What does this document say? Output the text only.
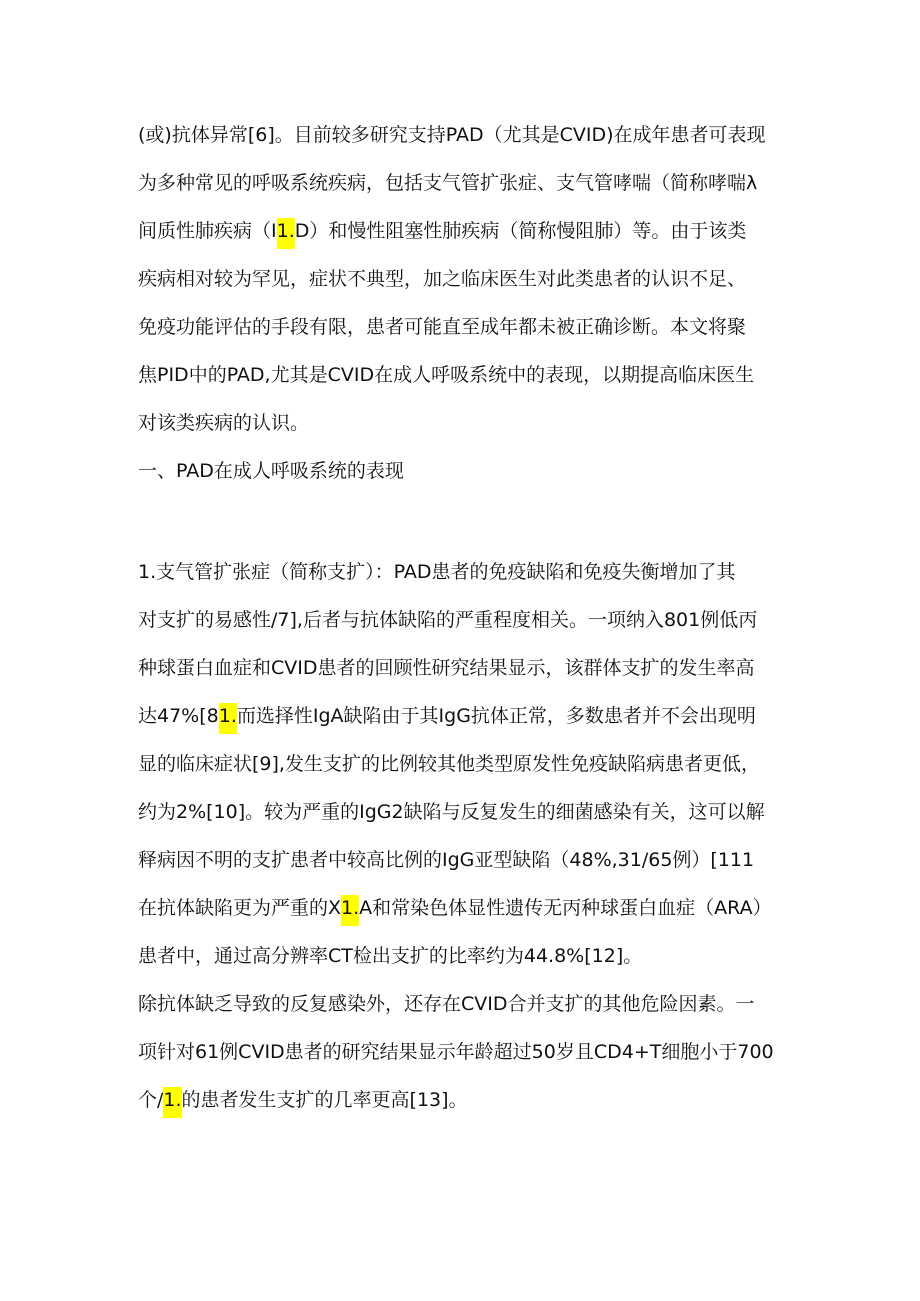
(或)抗体异常[6]。目前较多研究支持PAD（尤其是CVID)在成年患者可表现
为多种常见的呼吸系统疾病，包括支气管扩张症、支气管哮喘（简称哮喘λ
间质性肺疾病（I1.D）和慢性阻塞性肺疾病（简称慢阻肺）等。由于该类
疾病相对较为罕见，症状不典型，加之临床医生对此类患者的认识不足、
免疫功能评估的手段有限，患者可能直至成年都未被正确诊断。本文将聚
焦PID中的PAD,尤其是CVID在成人呼吸系统中的表现，以期提高临床医生
对该类疾病的认识。
一、PAD在成人呼吸系统的表现
1.支气管扩张症（简称支扩）：PAD患者的免疫缺陷和免疫失衡增加了其
对支扩的易感性/7],后者与抗体缺陷的严重程度相关。一项纳入801例低丙
种球蛋白血症和CVID患者的回顾性研究结果显示，该群体支扩的发生率高
达47%[81.而选择性IgA缺陷由于其IgG抗体正常，多数患者并不会出现明
显的临床症状[9],发生支扩的比例较其他类型原发性免疫缺陷病患者更低，
约为2%[10]。较为严重的IgG2缺陷与反复发生的细菌感染有关，这可以解
释病因不明的支扩患者中较高比例的IgG亚型缺陷（48%,31/65例）[111
在抗体缺陷更为严重的X1.A和常染色体显性遗传无丙种球蛋白血症（ARA）
患者中，通过高分辨率CT检出支扩的比率约为44.8%[12]。
除抗体缺乏导致的反复感染外，还存在CVID合并支扩的其他危险因素。一
项针对61例CVID患者的研究结果显示年龄超过50岁且CD4+T细胞小于700
个/1.的患者发生支扩的几率更高[13]。
